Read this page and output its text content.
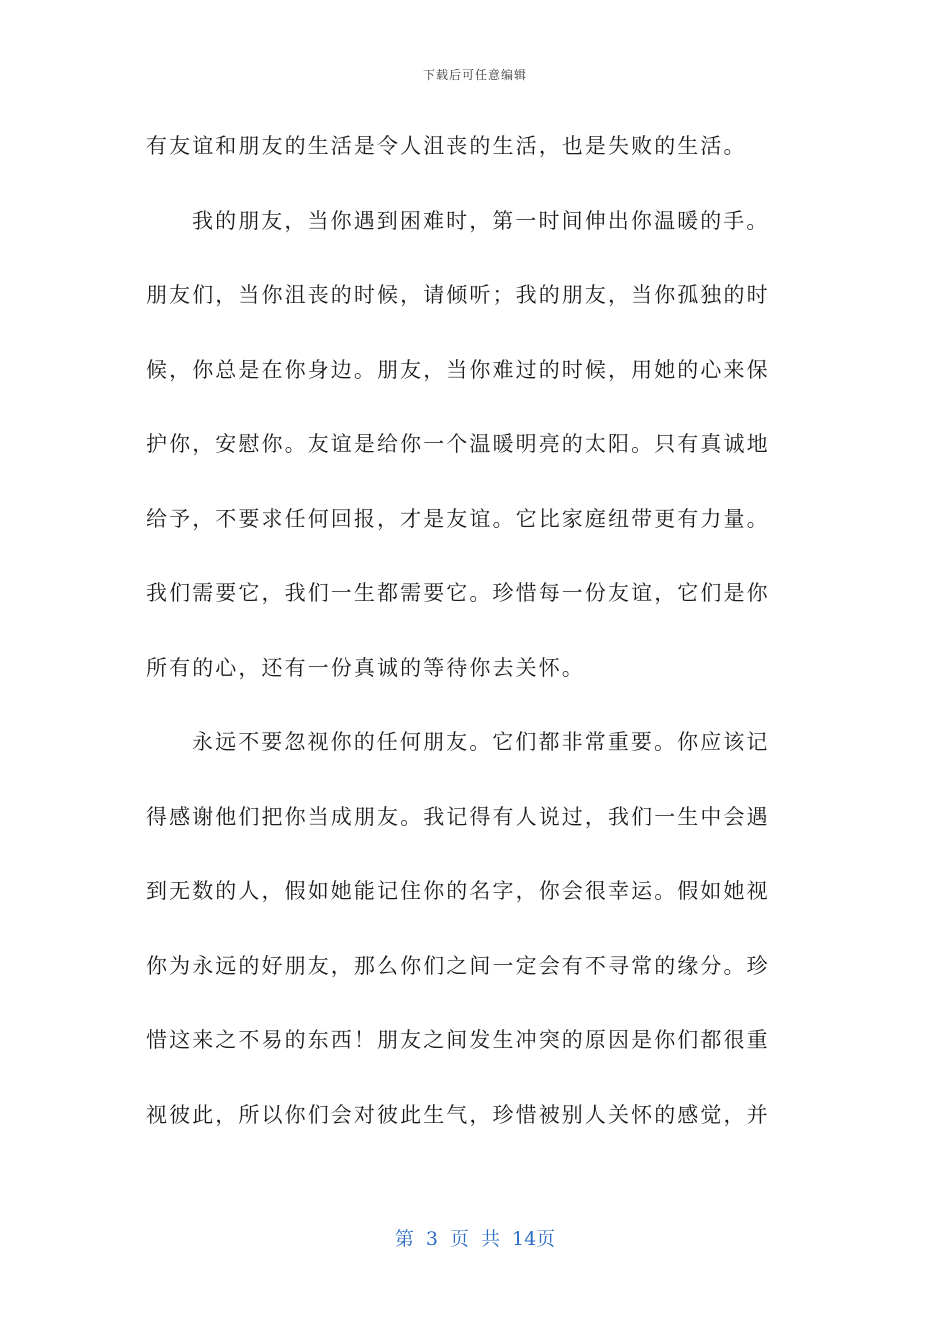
下载后可任意编辑
有友谊和朋友的生活是令人沮丧的生活，也是失败的生活。
我的朋友，当你遇到困难时，第一时间伸出你温暖的手。
朋友们，当你沮丧的时候，请倾听；我的朋友，当你孤独的时
候，你总是在你身边。朋友，当你难过的时候，用她的心来保
护你，安慰你。友谊是给你一个温暖明亮的太阳。只有真诚地
给予，不要求任何回报，才是友谊。它比家庭纽带更有力量。
我们需要它，我们一生都需要它。珍惜每一份友谊，它们是你
所有的心，还有一份真诚的等待你去关怀。
永远不要忽视你的任何朋友。它们都非常重要。你应该记
得感谢他们把你当成朋友。我记得有人说过，我们一生中会遇
到无数的人，假如她能记住你的名字，你会很幸运。假如她视
你为永远的好朋友，那么你们之间一定会有不寻常的缘分。珍
惜这来之不易的东西！朋友之间发生冲突的原因是你们都很重
视彼此，所以你们会对彼此生气，珍惜被别人关怀的感觉，并
第 3 页 共 14页
